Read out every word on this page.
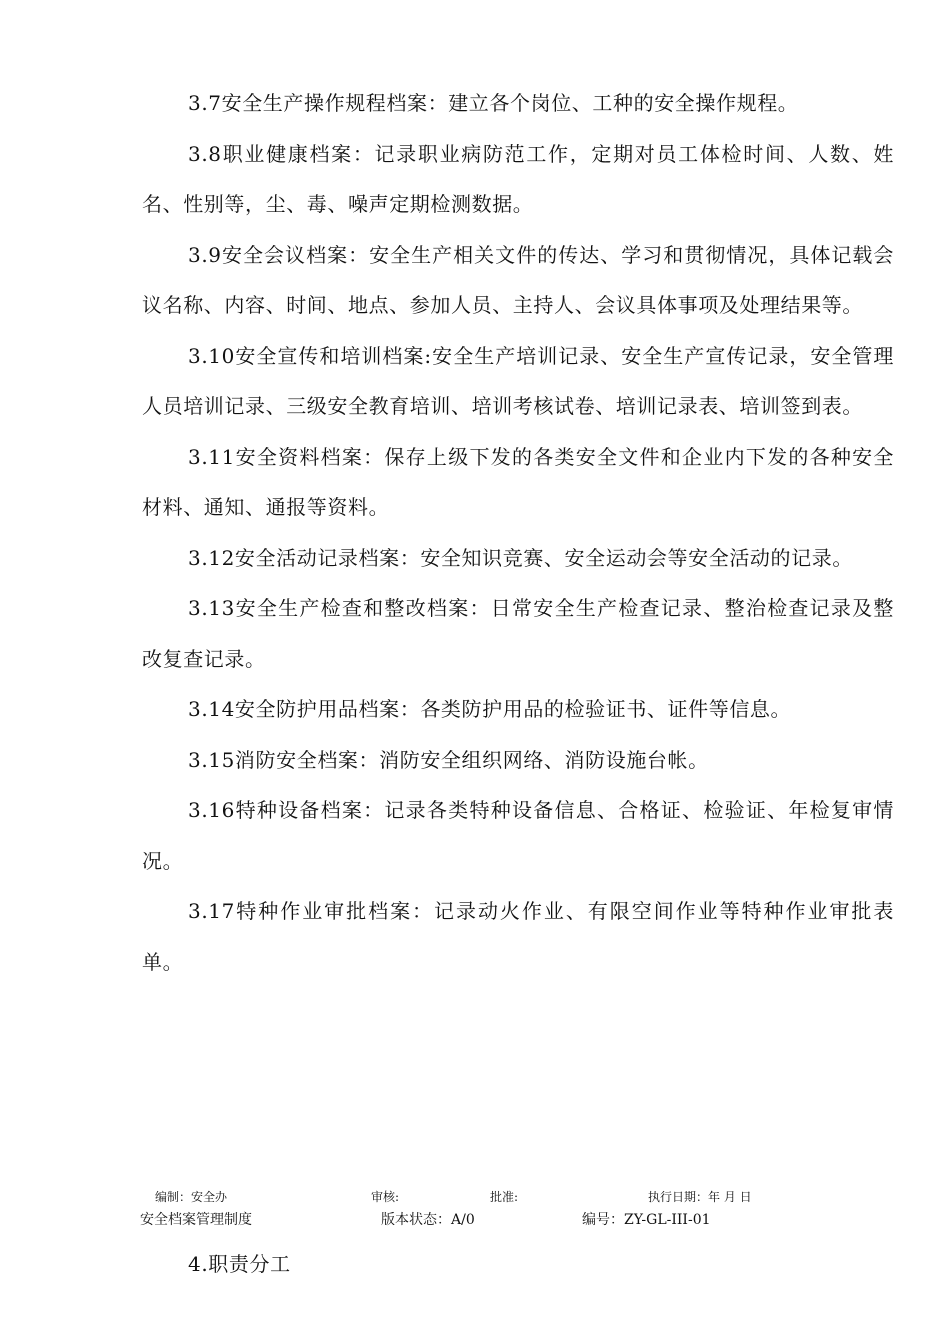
3.7安全生产操作规程档案：建立各个岗位、工种的安全操作规程。

3.8职业健康档案：记录职业病防范工作，定期对员工体检时间、人数、姓名、性别等，尘、毒、噪声定期检测数据。

3.9安全会议档案：安全生产相关文件的传达、学习和贯彻情况，具体记载会议名称、内容、时间、地点、参加人员、主持人、会议具体事项及处理结果等。

3.10安全宣传和培训档案:安全生产培训记录、安全生产宣传记录，安全管理人员培训记录、三级安全教育培训、培训考核试卷、培训记录表、培训签到表。

3.11安全资料档案：保存上级下发的各类安全文件和企业内下发的各种安全材料、通知、通报等资料。

3.12安全活动记录档案：安全知识竞赛、安全运动会等安全活动的记录。

3.13安全生产检查和整改档案：日常安全生产检查记录、整治检查记录及整改复查记录。

3.14安全防护用品档案：各类防护用品的检验证书、证件等信息。

3.15消防安全档案：消防安全组织网络、消防设施台帐。

3.16特种设备档案：记录各类特种设备信息、合格证、检验证、年检复审情况。

3.17特种作业审批档案：记录动火作业、有限空间作业等特种作业审批表单。

编制：安全办	审核:	批准:	执行日期：年 月 日
安全档案管理制度	版本状态：A/0	编号：ZY-GL-III-01

4.职责分工
